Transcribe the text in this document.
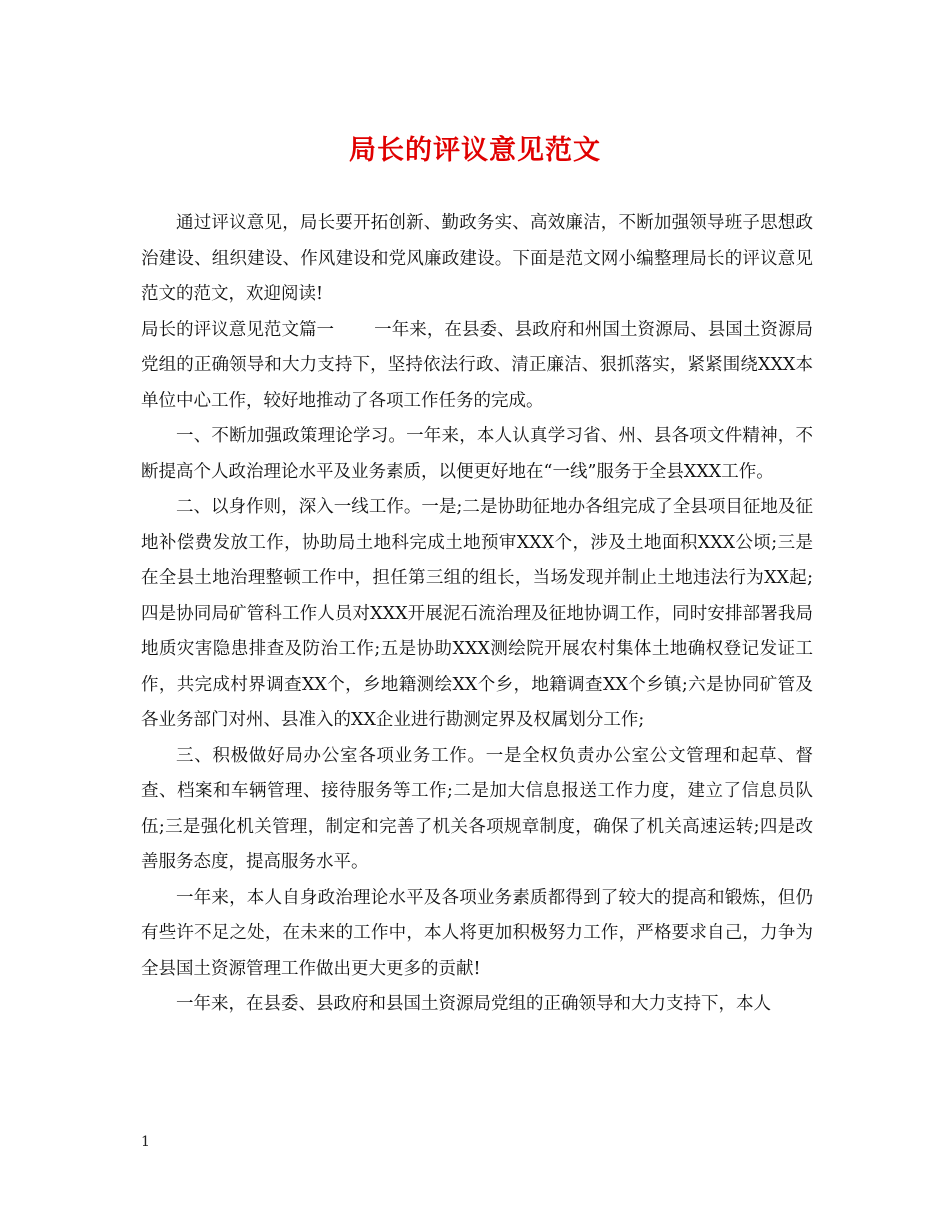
局长的评议意见范文

通过评议意见，局长要开拓创新、勤政务实、高效廉洁，不断加强领导班子思想政治建设、组织建设、作风建设和党风廉政建设。下面是范文网小编整理局长的评议意见范文的范文，欢迎阅读!

局长的评议意见范文篇一 一年来，在县委、县政府和州国土资源局、县国土资源局党组的正确领导和大力支持下，坚持依法行政、清正廉洁、狠抓落实，紧紧围绕XXX本单位中心工作，较好地推动了各项工作任务的完成。

一、不断加强政策理论学习。一年来，本人认真学习省、州、县各项文件精神，不断提高个人政治理论水平及业务素质，以便更好地在“一线”服务于全县XXX工作。

二、以身作则，深入一线工作。一是;二是协助征地办各组完成了全县项目征地及征地补偿费发放工作，协助局土地科完成土地预审XXX个，涉及土地面积XXX公顷;三是在全县土地治理整顿工作中，担任第三组的组长，当场发现并制止土地违法行为XX起;四是协同局矿管科工作人员对XXX开展泥石流治理及征地协调工作，同时安排部署我局地质灾害隐患排查及防治工作;五是协助XXX测绘院开展农村集体土地确权登记发证工作，共完成村界调查XX个，乡地籍测绘XX个乡，地籍调查XX个乡镇;六是协同矿管及各业务部门对州、县准入的XX企业进行勘测定界及权属划分工作;

三、积极做好局办公室各项业务工作。一是全权负责办公室公文管理和起草、督查、档案和车辆管理、接待服务等工作;二是加大信息报送工作力度，建立了信息员队伍;三是强化机关管理，制定和完善了机关各项规章制度，确保了机关高速运转;四是改善服务态度，提高服务水平。

一年来，本人自身政治理论水平及各项业务素质都得到了较大的提高和锻炼，但仍有些许不足之处，在未来的工作中，本人将更加积极努力工作，严格要求自己，力争为全县国土资源管理工作做出更大更多的贡献!

一年来，在县委、县政府和县国土资源局党组的正确领导和大力支持下，本人

1
